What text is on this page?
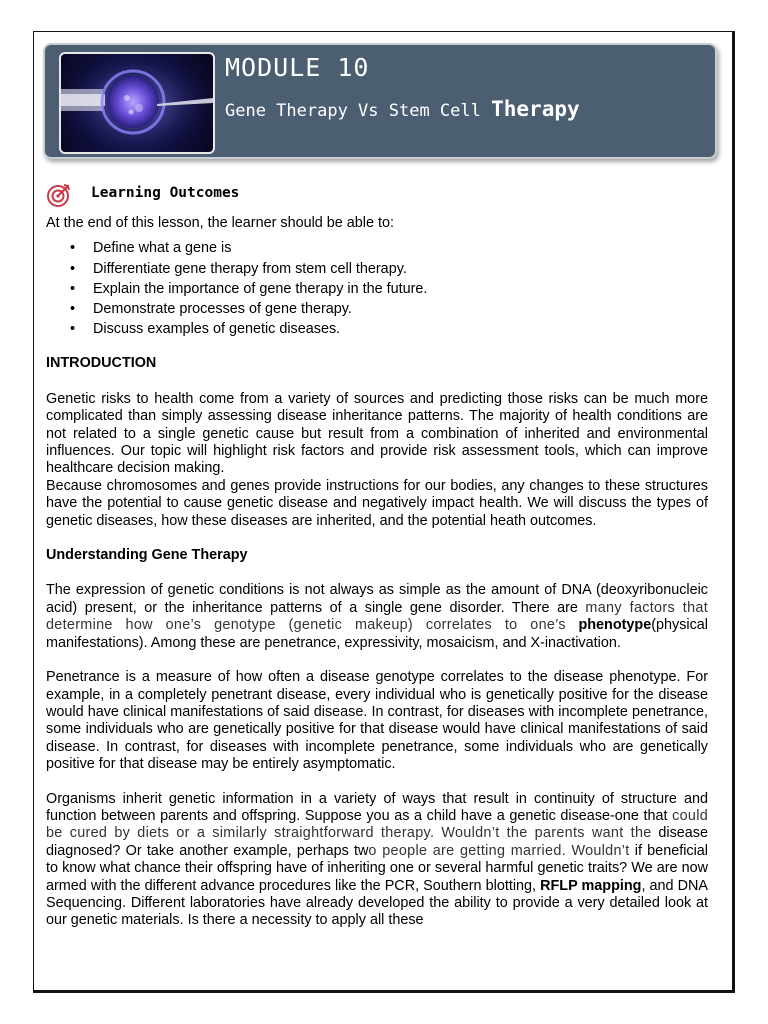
MODULE 10
Gene Therapy Vs Stem Cell Therapy
Learning Outcomes

At the end of this lesson, the learner should be able to:

• Define what a gene is
• Differentiate gene therapy from stem cell therapy.
• Explain the importance of gene therapy in the future.
• Demonstrate processes of gene therapy.
• Discuss examples of genetic diseases.

INTRODUCTION

Genetic risks to health come from a variety of sources and predicting those risks can be much more complicated than simply assessing disease inheritance patterns. The majority of health conditions are not related to a single genetic cause but result from a combination of inherited and environmental influences. Our topic will highlight risk factors and provide risk assessment tools, which can improve healthcare decision making.

Because chromosomes and genes provide instructions for our bodies, any changes to these structures have the potential to cause genetic disease and negatively impact health. We will discuss the types of genetic diseases, how these diseases are inherited, and the potential heath outcomes.

Understanding Gene Therapy

The expression of genetic conditions is not always as simple as the amount of DNA (deoxyribonucleic acid) present, or the inheritance patterns of a single gene disorder. There are many factors that determine how one’s genotype (genetic makeup) correlates to one’s phenotype(physical manifestations). Among these are penetrance, expressivity, mosaicism, and X-inactivation.

Penetrance is a measure of how often a disease genotype correlates to the disease phenotype. For example, in a completely penetrant disease, every individual who is genetically positive for the disease would have clinical manifestations of said disease. In contrast, for diseases with incomplete penetrance, some individuals who are genetically positive for that disease would have clinical manifestations of said disease. In contrast, for diseases with incomplete penetrance, some individuals who are genetically positive for that disease may be entirely asymptomatic.

Organisms inherit genetic information in a variety of ways that result in continuity of structure and function between parents and offspring. Suppose you as a child have a genetic disease-one that could be cured by diets or a similarly straightforward therapy. Wouldn’t the parents want the disease diagnosed? Or take another example, perhaps two people are getting married. Wouldn’t if beneficial to know what chance their offspring have of inheriting one or several harmful genetic traits? We are now armed with the different advance procedures like the PCR, Southern blotting, RFLP mapping, and DNA Sequencing. Different laboratories have already developed the ability to provide a very detailed look at our genetic materials. Is there a necessity to apply all these
